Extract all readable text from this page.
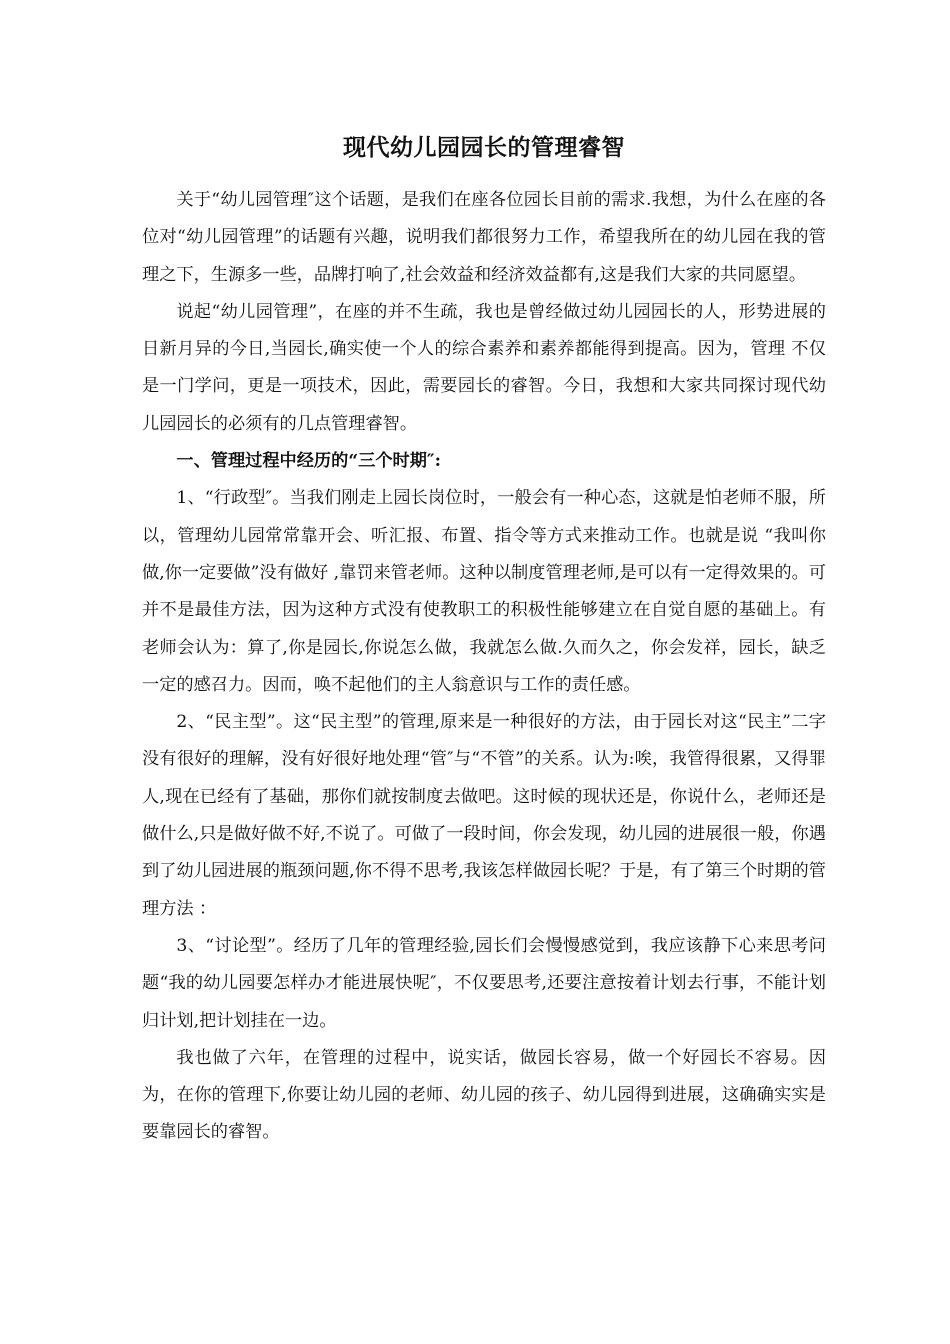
现代幼儿园园长的管理睿智

关于“幼儿园管理″这个话题，是我们在座各位园长目前的需求.我想，为什么在座的各位对“幼儿园管理”的话题有兴趣，说明我们都很努力工作，希望我所在的幼儿园在我的管理之下，生源多一些，品牌打响了,社会效益和经济效益都有,这是我们大家的共同愿望。

说起“幼儿园管理”，在座的并不生疏，我也是曾经做过幼儿园园长的人，形势进展的日新月异的今日,当园长,确实使一个人的综合素养和素养都能得到提高。因为，管理 不仅是一门学问，更是一项技术，因此，需要园长的睿智。今日，我想和大家共同探讨现代幼儿园园长的必须有的几点管理睿智。

一、管理过程中经历的“三个时期″:

1、“行政型″。当我们刚走上园长岗位时，一般会有一种心态，这就是怕老师不服，所以，管理幼儿园常常靠开会、听汇报、布置、指令等方式来推动工作。也就是说 “我叫你做,你一定要做”没有做好 ,靠罚来管老师。这种以制度管理老师,是可以有一定得效果的。可并不是最佳方法，因为这种方式没有使教职工的积极性能够建立在自觉自愿的基础上。有老师会认为：算了,你是园长,你说怎么做，我就怎么做.久而久之，你会发祥，园长，缺乏一定的感召力。因而，唤不起他们的主人翁意识与工作的责任感。

2、“民主型”。这“民主型”的管理,原来是一种很好的方法，由于园长对这“民主”二字没有很好的理解，没有好很好地处理“管″与“不管”的关系。认为:唉，我管得很累，又得罪人,现在已经有了基础，那你们就按制度去做吧。这时候的现状还是，你说什么，老师还是做什么,只是做好做不好,不说了。可做了一段时间，你会发现，幼儿园的进展很一般，你遇到了幼儿园进展的瓶颈问题,你不得不思考,我该怎样做园长呢？于是，有了第三个时期的管理方法 ：

3、“讨论型”。经历了几年的管理经验,园长们会慢慢感觉到，我应该静下心来思考问题“我的幼儿园要怎样办才能进展快呢″，不仅要思考,还要注意按着计划去行事，不能计划归计划,把计划挂在一边。

我也做了六年，在管理的过程中，说实话，做园长容易，做一个好园长不容易。因为，在你的管理下,你要让幼儿园的老师、幼儿园的孩子、幼儿园得到进展，这确确实实是要靠园长的睿智。
